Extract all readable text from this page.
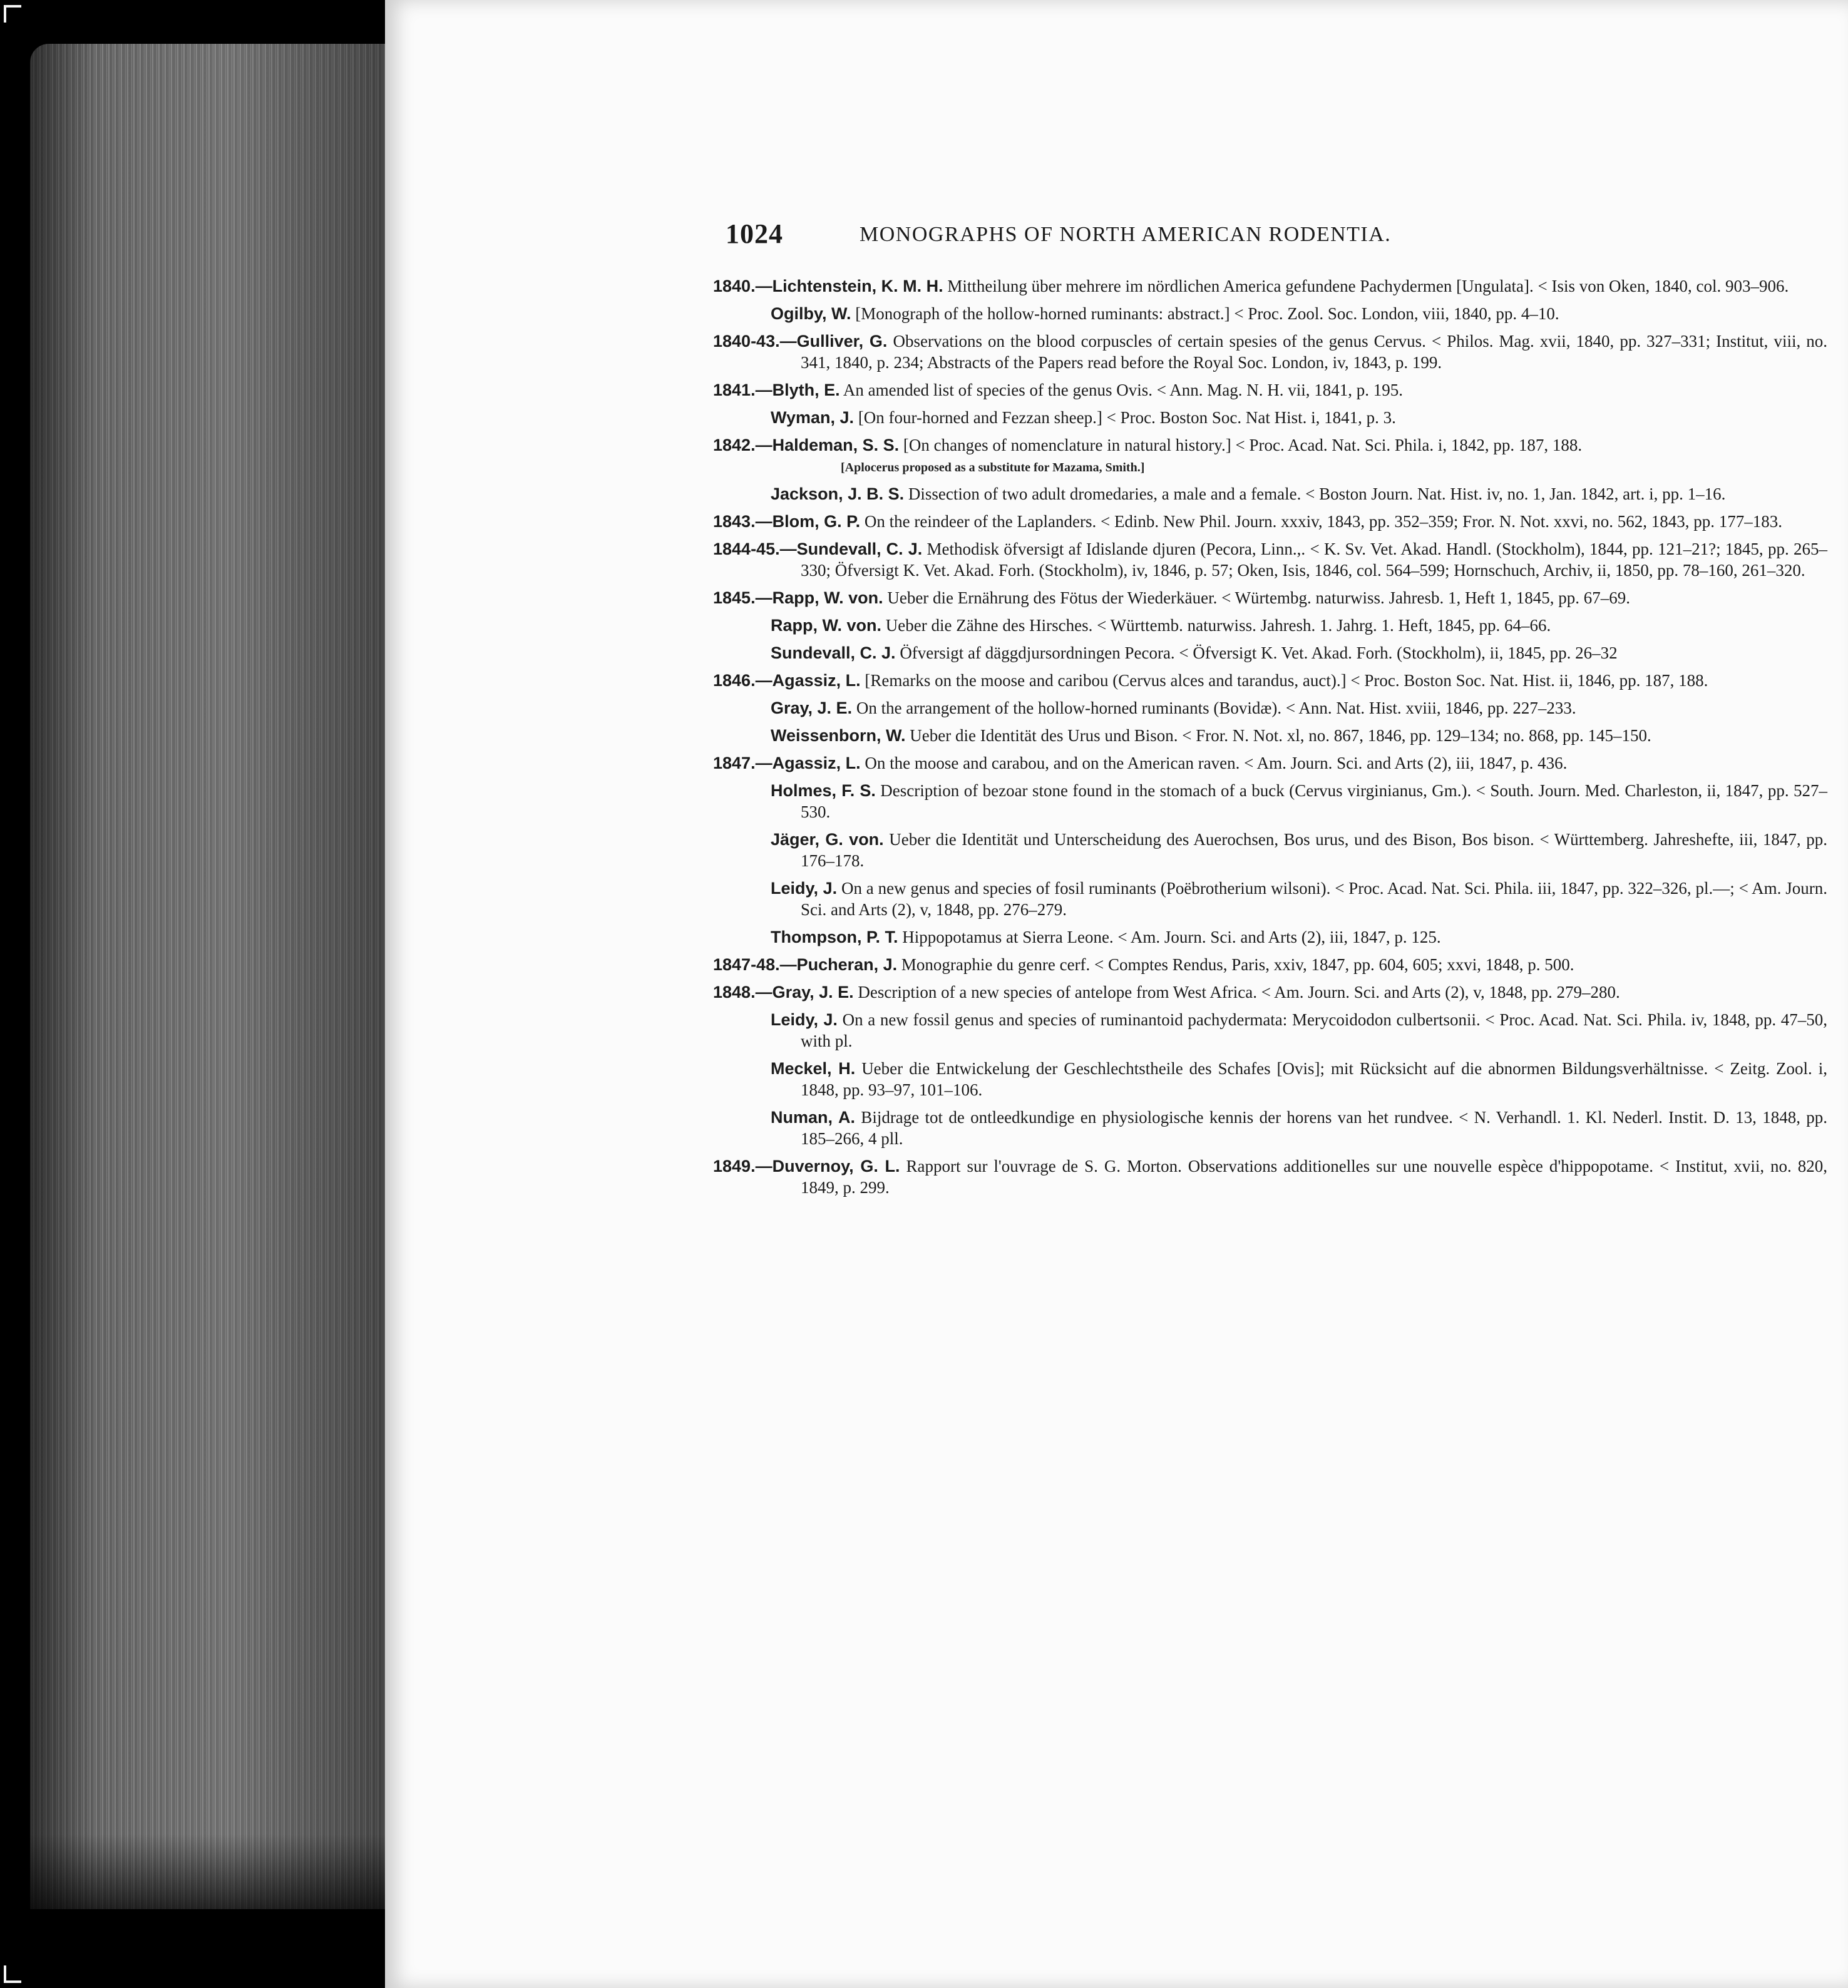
1024	MONOGRAPHS OF NORTH AMERICAN RODENTIA.
1840.—Lichtenstein, K. M. H. Mittheilung über mehrere im nördlichen America gefundene Pachydermen [Ungulata]. < Isis von Oken, 1840, col. 903–906.
Ogilby, W. [Monograph of the hollow-horned ruminants: abstract.] < Proc. Zool. Soc. London, viii, 1840, pp. 4–10.
1840-43.—Gulliver, G. Observations on the blood corpuscles of certain spesies of the genus Cervus. < Philos. Mag. xvii, 1840, pp. 327–331; Institut, viii, no. 341, 1840, p. 234; Abstracts of the Papers read before the Royal Soc. London, iv, 1843, p. 199.
1841.—Blyth, E. An amended list of species of the genus Ovis. < Ann. Mag. N. H. vii, 1841, p. 195.
Wyman, J. [On four-horned and Fezzan sheep.] < Proc. Boston Soc. Nat Hist. i, 1841, p. 3.
1842.—Haldeman, S. S. [On changes of nomenclature in natural history.] < Proc. Acad. Nat. Sci. Phila. i, 1842, pp. 187, 188.
[Aplocerus proposed as a substitute for Mazama, Smith.]
Jackson, J. B. S. Dissection of two adult dromedaries, a male and a female. < Boston Journ. Nat. Hist. iv, no. 1, Jan. 1842, art. i, pp. 1–16.
1843.—Blom, G. P. On the reindeer of the Laplanders. < Edinb. New Phil. Journ. xxxiv, 1843, pp. 352–359; Fror. N. Not. xxvi, no. 562, 1843, pp. 177–183.
1844-45.—Sundevall, C. J. Methodisk öfversigt af Idislande djuren (Pecora, Linn.,. < K. Sv. Vet. Akad. Handl. (Stockholm), 1844, pp. 121–21?; 1845, pp. 265–330; Öfversigt K. Vet. Akad. Forh. (Stockholm), iv, 1846, p. 57; Oken, Isis, 1846, col. 564–599; Hornschuch, Archiv, ii, 1850, pp. 78–160, 261–320.
1845.—Rapp, W. von. Ueber die Ernährung des Fötus der Wiederkäuer. < Würtembg. naturwiss. Jahresb. 1, Heft 1, 1845, pp. 67–69.
Rapp, W. von. Ueber die Zähne des Hirsches. < Württemb. naturwiss. Jahresh. 1. Jahrg. 1. Heft, 1845, pp. 64–66.
Sundevall, C. J. Öfversigt af däggdjursordningen Pecora. < Öfversigt K. Vet. Akad. Forh. (Stockholm), ii, 1845, pp. 26–32
1846.—Agassiz, L. [Remarks on the moose and caribou (Cervus alces and tarandus, auct).] < Proc. Boston Soc. Nat. Hist. ii, 1846, pp. 187, 188.
Gray, J. E. On the arrangement of the hollow-horned ruminants (Bovidæ). < Ann. Nat. Hist. xviii, 1846, pp. 227–233.
Weissenborn, W. Ueber die Identität des Urus und Bison. < Fror. N. Not. xl, no. 867, 1846, pp. 129–134; no. 868, pp. 145–150.
1847.—Agassiz, L. On the moose and carabou, and on the American raven. < Am. Journ. Sci. and Arts (2), iii, 1847, p. 436.
Holmes, F. S. Description of bezoar stone found in the stomach of a buck (Cervus virginianus, Gm.). < South. Journ. Med. Charleston, ii, 1847, pp. 527–530.
Jäger, G. von. Ueber die Identität und Unterscheidung des Auerochsen, Bos urus, und des Bison, Bos bison. < Württemberg. Jahreshefte, iii, 1847, pp. 176–178.
Leidy, J. On a new genus and species of fosil ruminants (Poëbrotherium wilsoni). < Proc. Acad. Nat. Sci. Phila. iii, 1847, pp. 322–326, pl.—; < Am. Journ. Sci. and Arts (2), v, 1848, pp. 276–279.
Thompson, P. T. Hippopotamus at Sierra Leone. < Am. Journ. Sci. and Arts (2), iii, 1847, p. 125.
1847-48.—Pucheran, J. Monographie du genre cerf. < Comptes Rendus, Paris, xxiv, 1847, pp. 604, 605; xxvi, 1848, p. 500.
1848.—Gray, J. E. Description of a new species of antelope from West Africa. < Am. Journ. Sci. and Arts (2), v, 1848, pp. 279–280.
Leidy, J. On a new fossil genus and species of ruminantoid pachydermata: Merycoidodon culbertsonii. < Proc. Acad. Nat. Sci. Phila. iv, 1848, pp. 47–50, with pl.
Meckel, H. Ueber die Entwickelung der Geschlechtstheile des Schafes [Ovis]; mit Rücksicht auf die abnormen Bildungsverhältnisse. < Zeitg. Zool. i, 1848, pp. 93–97, 101–106.
Numan, A. Bijdrage tot de ontleedkundige en physiologische kennis der horens van het rundvee. < N. Verhandl. 1. Kl. Nederl. Instit. D. 13, 1848, pp. 185–266, 4 pll.
1849.—Duvernoy, G. L. Rapport sur l'ouvrage de S. G. Morton. Observations additionelles sur une nouvelle espèce d'hippopotame. < Institut, xvii, no. 820, 1849, p. 299.
